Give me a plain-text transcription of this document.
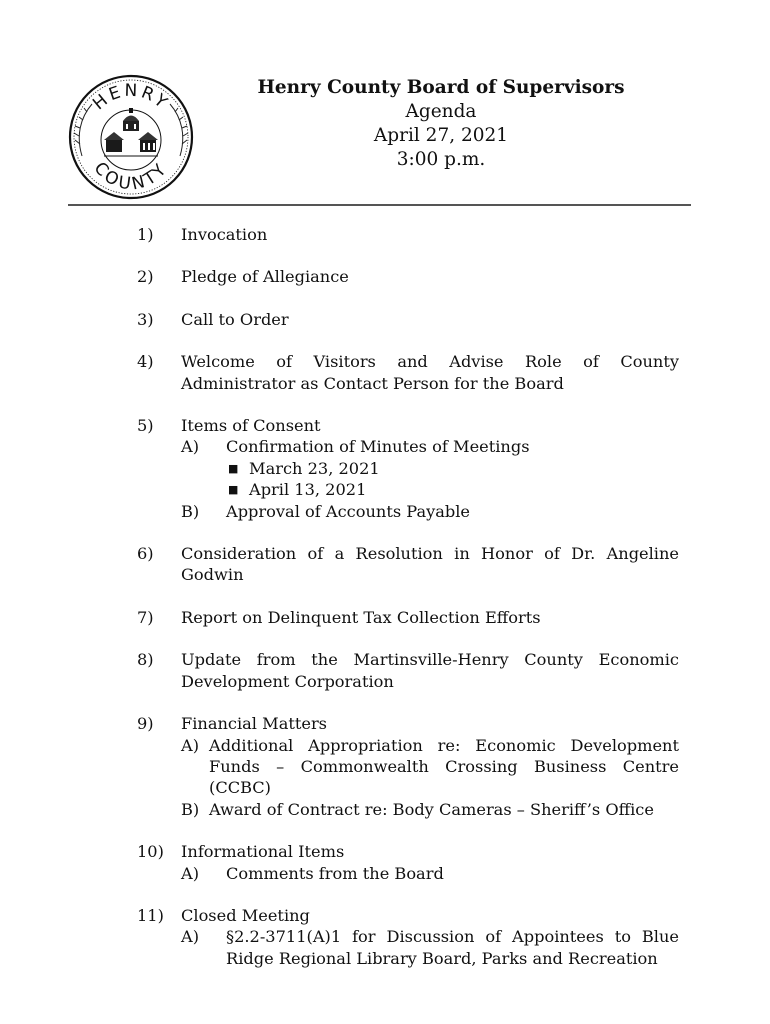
HENRY
COUNTY
Henry County Board of Supervisors
Agenda
April 27, 2021
3:00 p.m.
1) Invocation
2) Pledge of Allegiance
3) Call to Order
4) Welcome of Visitors and Advise Role of County Administrator as Contact Person for the Board
5) Items of Consent
A) Confirmation of Minutes of Meetings
■ March 23, 2021
■ April 13, 2021
B) Approval of Accounts Payable
6) Consideration of a Resolution in Honor of Dr. Angeline Godwin
7) Report on Delinquent Tax Collection Efforts
8) Update from the Martinsville-Henry County Economic Development Corporation
9) Financial Matters
A) Additional Appropriation re: Economic Development Funds – Commonwealth Crossing Business Centre (CCBC)
B) Award of Contract re: Body Cameras – Sheriff’s Office
10) Informational Items
A) Comments from the Board
11) Closed Meeting
A) §2.2-3711(A)1 for Discussion of Appointees to Blue Ridge Regional Library Board, Parks and Recreation
